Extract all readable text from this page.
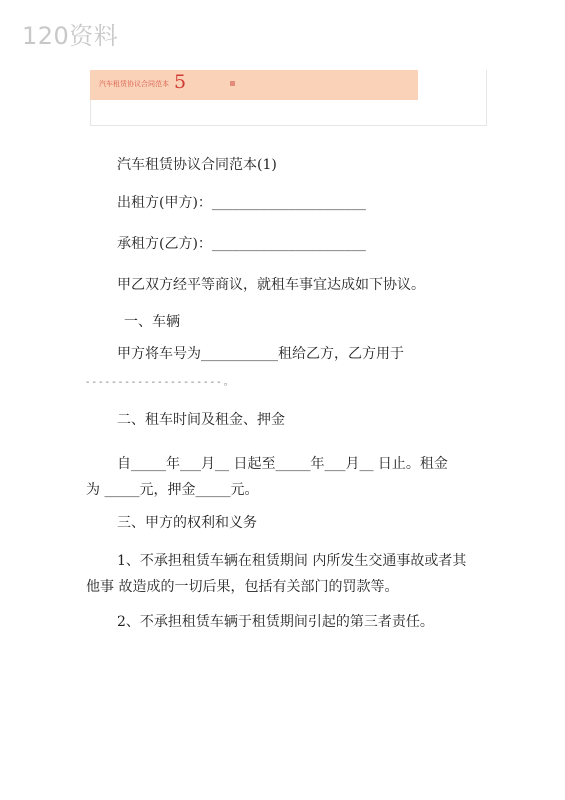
120资料
汽车租赁协议合同范本 5
汽车租赁协议合同范本(1)
出租方(甲方)：______________________
承租方(乙方)：______________________
甲乙双方经平等商议，就租车事宜达成如下协议。
一、车辆
甲方将车号为___________租给乙方，乙方用于
- - - - - - - - - - - - - - - - - - - - - 。
二、租车时间及租金、押金
自_____年___月__ 日起至_____年___月__ 日止。租金
为 _____元，押金_____元。
三、甲方的权利和义务
1、不承担租赁车辆在租赁期间 内所发生交通事故或者其
他事 故造成的一切后果，包括有关部门的罚款等。
2、不承担租赁车辆于租赁期间引起的第三者责任。
